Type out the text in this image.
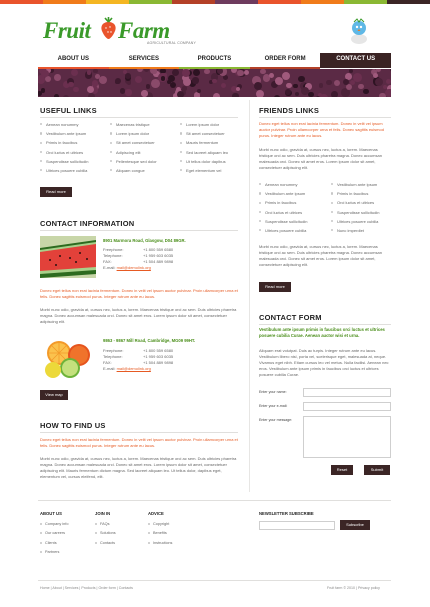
Fruit Farm
AGRICULTURAL COMPANY
ABOUT US	SERVICES	PRODUCTS	ORDER FORM	CONTACT US
USEFUL LINKS
Aenean nonummy
Vestibulum ante ipsum
Primis in faucibus
Orci luctus et ultrices
Suspendisse sollicitudin
Ultrices posuere cubilia
Maecenas tristique
Lorem ipsum dolor
Sit amet consectetuer
Adipiscing elit
Pellentesque sed dolor
Aliquam congue
Lorem ipsum dolor
Sit amet consectetuer
Mauris fermentum
Sed laoreet aliquam leo
Ut tellus dolor dapibus
Eget elementum vel
Read more
CONTACT INFORMATION
8901 Marmora Road, Glasgow, D04 89GR.
Freephone:	+1 800 559 6580
Telephone:	+1 959 603 6035
FAX:	+1 504 889 9898
E-mail:
mail@demolink.org
Donec eget tellus non erat lacinia fermentum. Donec in velit vel ipsum auctor pulvinar. Proin ullamcorper urna et felis. Donec sagittis euismod purus. Integer rutrum ante eu lacus.
Morbi nunc odio, gravida at, cursus nec, luctus a, lorem. Maecenas tristique orci ac sem. Duis ultricies pharetra magna. Donec accumsan malesuada orci. Donec sit amet eros. Lorem ipsum dolor sit amet, consectetuer adipiscing elit.
9863 - 9867 Mill Road, Cambridge, MG09 99HT.
Freephone:	+1 800 559 6580
Telephone:	+1 959 603 6035
FAX:	+1 504 889 9898
E-mail:
mail@demolink.org
View map
HOW TO FIND US
Donec eget tellus non erat lacinia fermentum. Donec in velit vel ipsum auctor pulvinar. Proin ullamcorper urna et felis. Donec sagittis euismod purus. Integer rutrum ante eu lacus.
Morbi nunc odio, gravida at, cursus nec, luctus a, lorem. Maecenas tristique orci ac sem. Duis ultricies pharetra magna. Donec accumsan malesuada orci. Donec sit amet eros. Lorem ipsum dolor sit amet, consectetuer adipiscing elit. Mauris fermentum dictum magna. Sed laoreet aliquam leo. Ut tellus dolor, dapibus eget, elementum vel, cursus eleifend, elit.
FRIENDS LINKS
Donec eget tellus non erat lacinia fermentum. Donec in velit vel ipsum auctor pulvinar. Proin ullamcorper urna et felis. Donec sagittis euismod purus. Integer rutrum ante eu lacus.
Morbi nunc odio, gravida at, cursus nec, luctus a, lorem. Maecenas tristique orci ac sem. Duis ultricies pharetra magna. Donec accumsan malesuada orci. Donec sit amet eros. Lorem ipsum dolor sit amet, consectetuer adipiscing elit.
Aenean nonummy
Vestibulum ante ipsum
Primis in faucibus
Orci luctus et ultrices
Suspendisse sollicitudin
Ultrices posuere cubilia
Vestibulum ante ipsum
Primis in faucibus
Orci luctus et ultrices
Suspendisse sollicitudin
Ultrices posuere cubilia
Nunc imperdiet
Morbi nunc odio, gravida at, cursus nec, luctus a, lorem. Maecenas tristique orci ac sem. Duis ultricies pharetra magna. Donec accumsan malesuada orci. Donec sit amet eros. Lorem ipsum dolor sit amet, consectetuer adipiscing elit.
Read more
CONTACT FORM
Vestibulum ante ipsum primis in faucibus orci luctus et ultrices posuere cubilia Curae. Aenean auctor wisi et urna.
Aliquam erat volutpat. Duis ac turpis. Integer rutrum ante eu lacus. Vestibulum libero nisl, porta vel, scelerisque eget, malesuada at, neque. Vivamus eget nibh. Etiam cursus leo vel metus. Nulla facilisi. Aenean nec eros. Vestibulum ante ipsum primis in faucibus orci luctus et ultrices posuere cubilia Curae.
Enter your name:
Enter your e-mail:
Enter your message:
Reset	Submit
ABOUT US
Company info
Our careers
Clients
Partners
JOIN IN
FAQs
Solutions
Contacts
ADVICE
Copyright
Benefits
Instructions
NEWSLETTER SUBSCRIBE
Subscribe
Home | About | Services | Products | Order form | Contacts	Fruit farm © 2010 | Privacy policy
